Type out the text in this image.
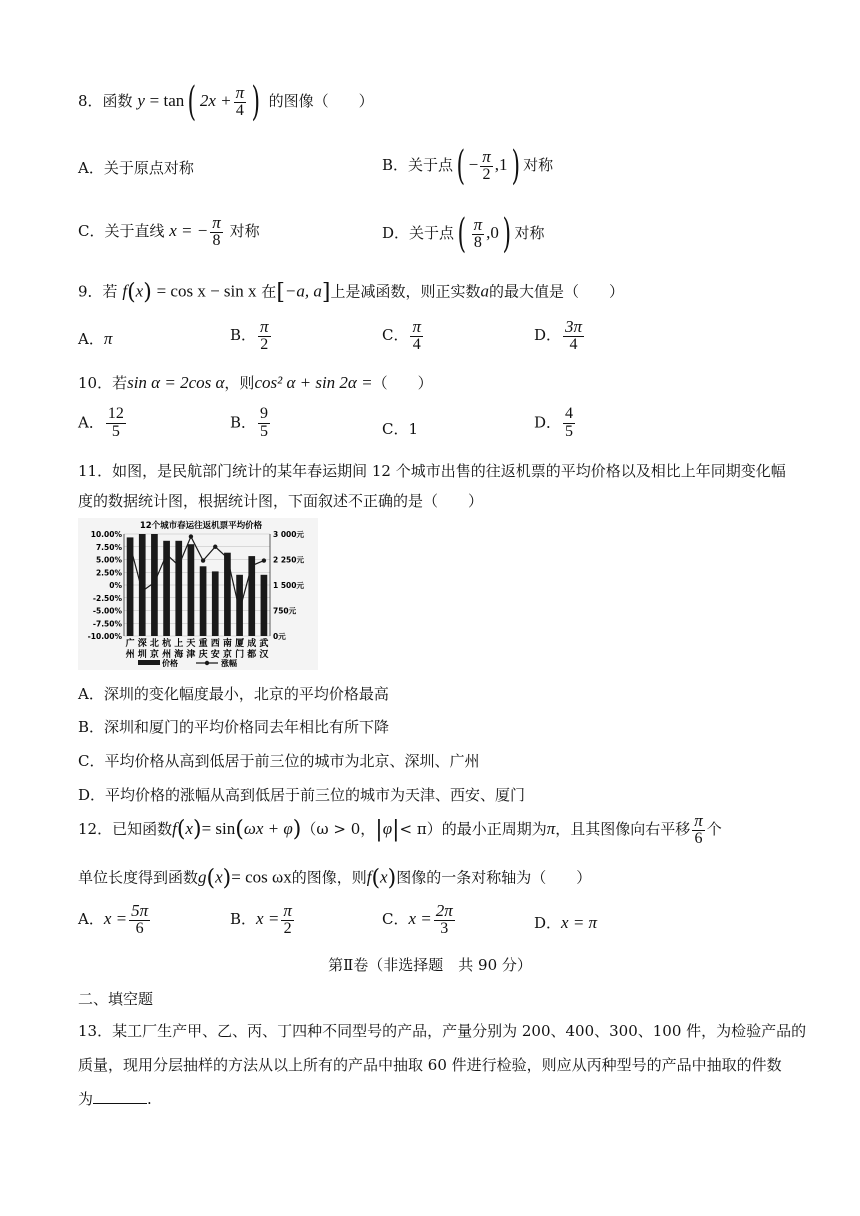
8．函数 y = tan( $2x + \frac{\pi}{4}$ ) 的图像（　　）
A．关于原点对称	B．关于点( − $\frac{\pi}{2} ,1$) 对称
C．关于直线 x = − $\frac{\pi}{8}$ 对称	D．关于点( $\frac{\pi}{8} ,0$) 对称
9．若 f(x) = cos x − sin x 在[−a, a]上是减函数，则正实数a的最大值是（　　）
A．π	B． $\frac{\pi}{2}$	C． $\frac{\pi}{4}$	D． $\frac{3\pi}{4}$
10．若sin α = 2cos α，则cos² α + sin 2α =（　　）
A． $\frac{12}{5}$	B． $\frac{9}{5}$	C．1	D． $\frac{4}{5}$
11．如图，是民航部门统计的某年春运期间 12 个城市出售的往返机票的平均价格以及相比上年同期变化幅
度的数据统计图，根据统计图，下面叙述不正确的是（　　）
12个城市春运往返机票平均价格
10.00%
7.50%
5.00%
2.50%
0%
-2.50%
-5.00%
-7.50%
-10.00%
3 000元
2 250元
1 500元
750元
0元
广
州
深
圳
北
京
杭
州
上
海
天
津
重
庆
西
安
南
京
厦
门
成
都
武
汉
价格	涨幅
A．深圳的变化幅度最小，北京的平均价格最高
B．深圳和厦门的平均价格同去年相比有所下降
C．平均价格从高到低居于前三位的城市为北京、深圳、广州
D．平均价格的涨幅从高到低居于前三位的城市为天津、西安、厦门
12．已知函数f(x)= sin(ωx + φ)（ω > 0，|φ|< π）的最小正周期为π，且其图像向右平移 $\frac{\pi}{6}$ 个
单位长度得到函数g(x)= cos ωx的图像，则f(x)图像的一条对称轴为（　　）
A．$x = \frac{5\pi}{6}$	B．$x = \frac{\pi}{2}$	C．$x = \frac{2\pi}{3}$	D．x = π
第Ⅱ卷（非选择题　共 90 分）
二、填空题
13．某工厂生产甲、乙、丙、丁四种不同型号的产品，产量分别为 200、400、300、100 件，为检验产品的
质量，现用分层抽样的方法从以上所有的产品中抽取 60 件进行检验，则应从丙种型号的产品中抽取的件数
为	.
